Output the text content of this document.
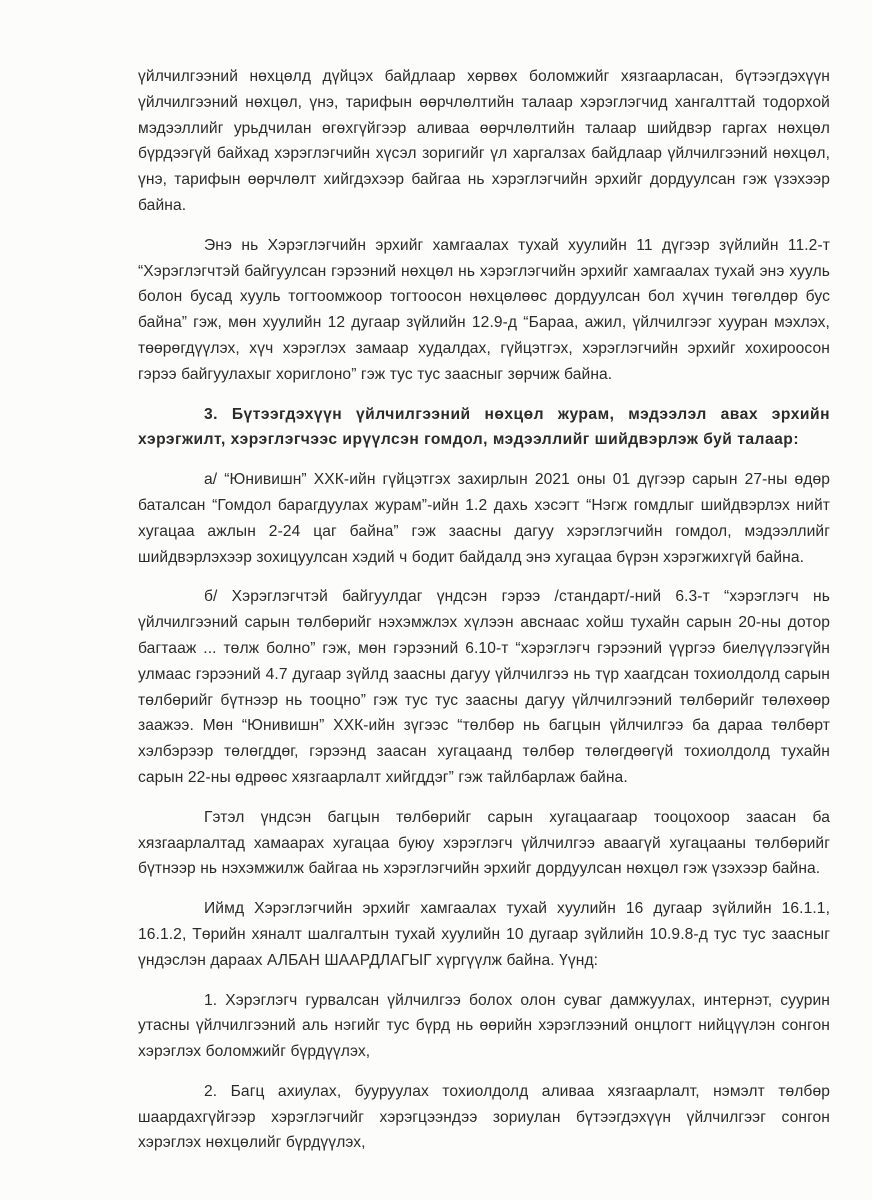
үйлчилгээний нөхцөлд дүйцэх байдлаар хөрвөх боломжийг хязгаарласан, бүтээгдэхүүн үйлчилгээний нөхцөл, үнэ, тарифын өөрчлөлтийн талаар хэрэглэгчид хангалттай тодорхой мэдээллийг урьдчилан өгөхгүйгээр аливаа өөрчлөлтийн талаар шийдвэр гаргах нөхцөл бүрдээгүй байхад хэрэглэгчийн хүсэл зоригийг үл харгалзах байдлаар үйлчилгээний нөхцөл, үнэ, тарифын өөрчлөлт хийгдэхээр байгаа нь хэрэглэгчийн эрхийг дордуулсан гэж үзэхээр байна.

Энэ нь Хэрэглэгчийн эрхийг хамгаалах тухай хуулийн 11 дүгээр зүйлийн 11.2-т “Хэрэглэгчтэй байгуулсан гэрээний нөхцөл нь хэрэглэгчийн эрхийг хамгаалах тухай энэ хууль болон бусад хууль тогтоомжоор тогтоосон нөхцөлөөс дордуулсан бол хүчин төгөлдөр бус байна” гэж, мөн хуулийн 12 дугаар зүйлийн 12.9-д “Бараа, ажил, үйлчилгээг хууран мэхлэх, төөрөгдүүлэх, хүч хэрэглэх замаар худалдах, гүйцэтгэх, хэрэглэгчийн эрхийг хохироосон гэрээ байгуулахыг хориглоно” гэж тус тус заасныг зөрчиж байна.

3. Бүтээгдэхүүн үйлчилгээний нөхцөл журам, мэдээлэл авах эрхийн хэрэгжилт, хэрэглэгчээс ирүүлсэн гомдол, мэдээллийг шийдвэрлэж буй талаар:

а/ “Юнивишн” ХХК-ийн гүйцэтгэх захирлын 2021 оны 01 дүгээр сарын 27-ны өдөр баталсан “Гомдол барагдуулах журам”-ийн 1.2 дахь хэсэгт “Нэгж гомдлыг шийдвэрлэх нийт хугацаа ажлын 2-24 цаг байна” гэж заасны дагуу хэрэглэгчийн гомдол, мэдээллийг шийдвэрлэхээр зохицуулсан хэдий ч бодит байдалд энэ хугацаа бүрэн хэрэгжихгүй байна.

б/ Хэрэглэгчтэй байгуулдаг үндсэн гэрээ /стандарт/-ний 6.3-т “хэрэглэгч нь үйлчилгээний сарын төлбөрийг нэхэмжлэх хүлээн авснаас хойш тухайн сарын 20-ны дотор багтааж ... төлж болно” гэж, мөн гэрээний 6.10-т “хэрэглэгч гэрээний үүргээ биелүүлээгүйн улмаас гэрээний 4.7 дугаар зүйлд заасны дагуу үйлчилгээ нь түр хаагдсан тохиолдолд сарын төлбөрийг бүтнээр нь тооцно” гэж тус тус заасны дагуу үйлчилгээний төлбөрийг төлөхөөр заажээ. Мөн “Юнивишн” ХХК-ийн зүгээс “төлбөр нь багцын үйлчилгээ ба дараа төлбөрт хэлбэрээр төлөгддөг, гэрээнд заасан хугацаанд төлбөр төлөгдөөгүй тохиолдолд тухайн сарын 22-ны өдрөөс хязгаарлалт хийгддэг” гэж тайлбарлаж байна.

Гэтэл үндсэн багцын төлбөрийг сарын хугацаагаар тооцохоор заасан ба хязгаарлалтад хамаарах хугацаа буюу хэрэглэгч үйлчилгээ аваагүй хугацааны төлбөрийг бүтнээр нь нэхэмжилж байгаа нь хэрэглэгчийн эрхийг дордуулсан нөхцөл гэж үзэхээр байна.

Иймд Хэрэглэгчийн эрхийг хамгаалах тухай хуулийн 16 дугаар зүйлийн 16.1.1, 16.1.2, Төрийн хяналт шалгалтын тухай хуулийн 10 дугаар зүйлийн 10.9.8-д тус тус заасныг үндэслэн дараах АЛБАН ШААРДЛАГЫГ хүргүүлж байна. Үүнд:

1. Хэрэглэгч гурвалсан үйлчилгээ болох олон суваг дамжуулах, интернэт, суурин утасны үйлчилгээний аль нэгийг тус бүрд нь өөрийн хэрэглээний онцлогт нийцүүлэн сонгон хэрэглэх боломжийг бүрдүүлэх,

2. Багц ахиулах, бууруулах тохиолдолд аливаа хязгаарлалт, нэмэлт төлбөр шаардахгүйгээр хэрэглэгчийг хэрэгцээндээ зориулан бүтээгдэхүүн үйлчилгээг сонгон хэрэглэх нөхцөлийг бүрдүүлэх,
